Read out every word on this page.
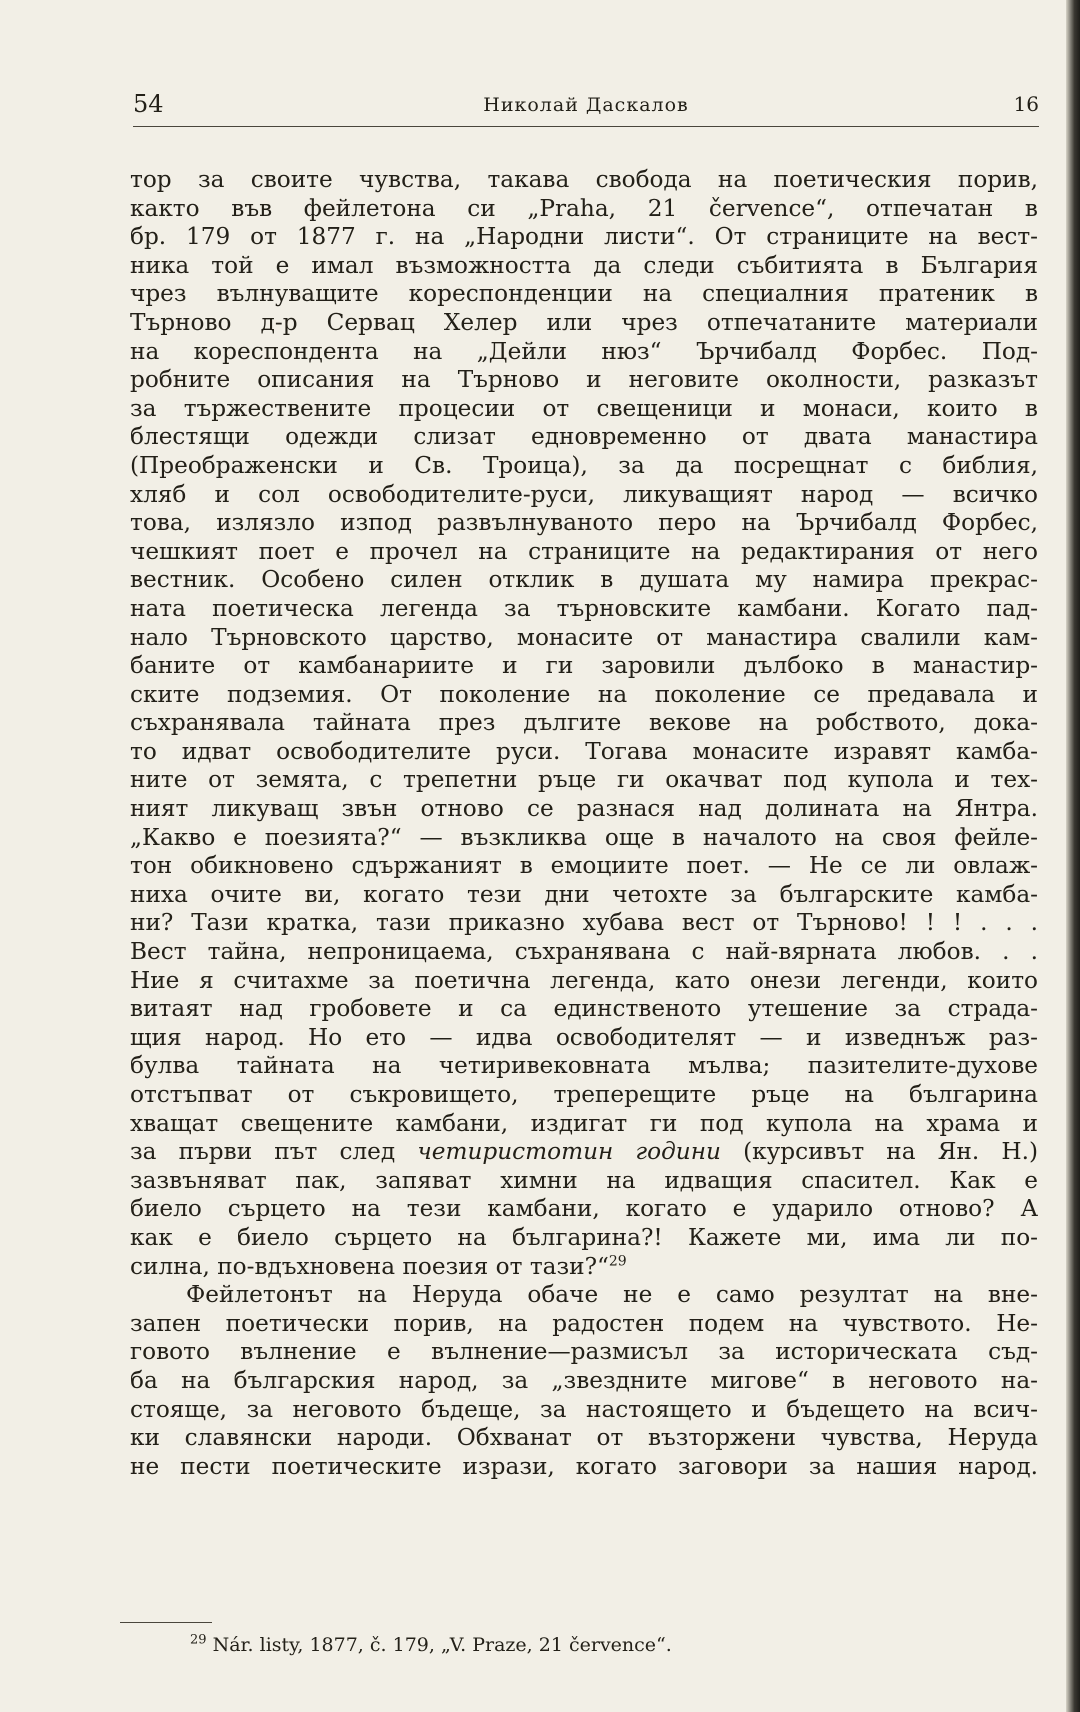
54	Николай Даскалов	16

тор за своите чувства, такава свобода на поетическия порив,

както във фейлетона си „Praha, 21 července“, отпечатан в

бр. 179 от 1877 г. на „Народни листи“. От страниците на вест-

ника той е имал възможността да следи събитията в България

чрез вълнуващите кореспонденции на специалния пратеник в

Търново д-р Сервац Хелер или чрез отпечатаните материали

на кореспондента на „Дейли нюз“ Ърчибалд Форбес. Под-

робните описания на Търново и неговите околности, разказът

за тържествените процесии от свещеници и монаси, които в

блестящи одежди слизат едновременно от двата манастира

(Преображенски и Св. Троица), за да посрещнат с библия,

хляб и сол освободителите-руси, ликуващият народ — всичко

това, излязло изпод развълнуваното перо на Ърчибалд Форбес,

чешкият поет е прочел на страниците на редактирания от него

вестник. Особено силен отклик в душата му намира прекрас-

ната поетическа легенда за търновските камбани. Когато пад-

нало Търновското царство, монасите от манастира свалили кам-

баните от камбанариите и ги заровили дълбоко в манастир-

ските подземия. От поколение на поколение се предавала и

съхранявала тайната през дългите векове на робството, дока-

то идват освободителите руси. Тогава монасите изравят камба-

ните от земята, с трепетни ръце ги окачват под купола и тех-

ният ликуващ звън отново се разнася над долината на Янтра.

„Какво е поезията?“ — възкликва още в началото на своя фейле-

тон обикновено сдържаният в емоциите поет. — Не се ли овлаж-

ниха очите ви, когато тези дни четохте за българските камба-

ни? Тази кратка, тази приказно хубава вест от Търново! ! ! . . .

Вест тайна, непроницаема, съхранявана с най-вярната любов. . .

Ние я считахме за поетична легенда, като онези легенди, които

витаят над гробовете и са единственото утешение за страда-

щия народ. Но ето — идва освободителят — и изведнъж раз-

булва тайната на четиривековната мълва; пазителите-духове

отстъпват от съкровището, треперещите ръце на българина

хващат свещените камбани, издигат ги под купола на храма и

за първи път след четиристотин години (курсивът на Ян. Н.)

зазвъняват пак, запяват химни на идващия спасител. Как е

биело сърцето на тези камбани, когато е ударило отново? А

как е биело сърцето на българина?! Кажете ми, има ли по-

силна, по-вдъхновена поезия от тази?“$^{29}$

Фейлетонът на Неруда обаче не е само резултат на вне-

запен поетически порив, на радостен подем на чувството. Не-

говото вълнение е вълнение—размисъл за историческата съд-

ба на българския народ, за „звездните мигове“ в неговото на-

стояще, за неговото бъдеще, за настоящето и бъдещето на всич-

ки славянски народи. Обхванат от възторжени чувства, Неруда

не пести поетическите изрази, когато заговори за нашия народ.

$^{29}$ Nár. listy, 1877, č. 179, „V. Praze, 21 července“.
